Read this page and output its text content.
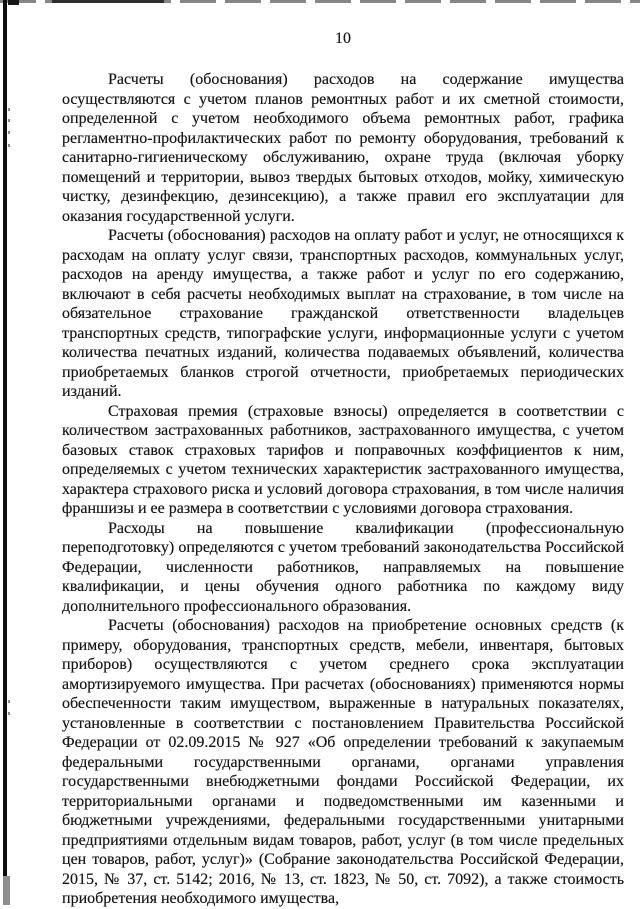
10

Расчеты (обоснования) расходов на содержание имущества осуществляются с учетом планов ремонтных работ и их сметной стоимости, определенной с учетом необходимого объема ремонтных работ, графика регламентно-профилактических работ по ремонту оборудования, требований к санитарно-гигиеническому обслуживанию, охране труда (включая уборку помещений и территории, вывоз твердых бытовых отходов, мойку, химическую чистку, дезинфекцию, дезинсекцию), а также правил его эксплуатации для оказания государственной услуги.

Расчеты (обоснования) расходов на оплату работ и услуг, не относящихся к расходам на оплату услуг связи, транспортных расходов, коммунальных услуг, расходов на аренду имущества, а также работ и услуг по его содержанию, включают в себя расчеты необходимых выплат на страхование, в том числе на обязательное страхование гражданской ответственности владельцев транспортных средств, типографские услуги, информационные услуги с учетом количества печатных изданий, количества подаваемых объявлений, количества приобретаемых бланков строгой отчетности, приобретаемых периодических изданий.

Страховая премия (страховые взносы) определяется в соответствии с количеством застрахованных работников, застрахованного имущества, с учетом базовых ставок страховых тарифов и поправочных коэффициентов к ним, определяемых с учетом технических характеристик застрахованного имущества, характера страхового риска и условий договора страхования, в том числе наличия франшизы и ее размера в соответствии с условиями договора страхования.

Расходы на повышение квалификации (профессиональную переподготовку) определяются с учетом требований законодательства Российской Федерации, численности работников, направляемых на повышение квалификации, и цены обучения одного работника по каждому виду дополнительного профессионального образования.

Расчеты (обоснования) расходов на приобретение основных средств (к примеру, оборудования, транспортных средств, мебели, инвентаря, бытовых приборов) осуществляются с учетом среднего срока эксплуатации амортизируемого имущества. При расчетах (обоснованиях) применяются нормы обеспеченности таким имуществом, выраженные в натуральных показателях, установленные в соответствии с постановлением Правительства Российской Федерации от 02.09.2015 № 927 «Об определении требований к закупаемым федеральными государственными органами, органами управления государственными внебюджетными фондами Российской Федерации, их территориальными органами и подведомственными им казенными и бюджетными учреждениями, федеральными государственными унитарными предприятиями отдельным видам товаров, работ, услуг (в том числе предельных цен товаров, работ, услуг)» (Собрание законодательства Российской Федерации, 2015, № 37, ст. 5142; 2016, № 13, ст. 1823, № 50, ст. 7092), а также стоимость приобретения необходимого имущества,
